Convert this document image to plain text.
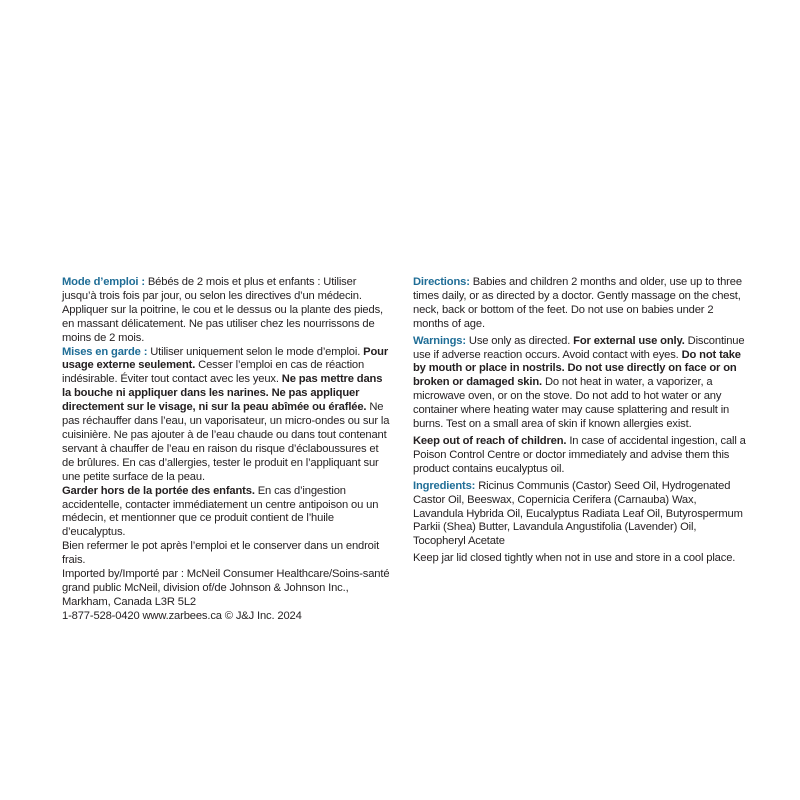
Mode d’emploi : Bébés de 2 mois et plus et enfants : Utiliser jusqu’à trois fois par jour, ou selon les directives d’un médecin. Appliquer sur la poitrine, le cou et le dessus ou la plante des pieds, en massant délicatement. Ne pas utiliser chez les nourrissons de moins de 2 mois.

Mises en garde : Utiliser uniquement selon le mode d’emploi. Pour usage externe seulement. Cesser l’emploi en cas de réaction indésirable. Éviter tout contact avec les yeux. Ne pas mettre dans la bouche ni appliquer dans les narines. Ne pas appliquer directement sur le visage, ni sur la peau abîmée ou éraflée. Ne pas réchauffer dans l’eau, un vaporisateur, un micro-ondes ou sur la cuisinière. Ne pas ajouter à de l’eau chaude ou dans tout contenant servant à chauffer de l’eau en raison du risque d’éclaboussures et de brûlures. En cas d’allergies, tester le produit en l’appliquant sur une petite surface de la peau.

Garder hors de la portée des enfants. En cas d’ingestion accidentelle, contacter immédiatement un centre antipoison ou un médecin, et mentionner que ce produit contient de l’huile d’eucalyptus.

Bien refermer le pot après l’emploi et le conserver dans un endroit frais.

Imported by/Importé par : McNeil Consumer Healthcare/Soins-santé grand public McNeil, division of/de Johnson & Johnson Inc., Markham, Canada L3R 5L2

1-877-528-0420 www.zarbees.ca © J&J Inc. 2024

Directions: Babies and children 2 months and older, use up to three times daily, or as directed by a doctor. Gently massage on the chest, neck, back or bottom of the feet. Do not use on babies under 2 months of age.

Warnings: Use only as directed. For external use only. Discontinue use if adverse reaction occurs. Avoid contact with eyes. Do not take by mouth or place in nostrils. Do not use directly on face or on broken or damaged skin. Do not heat in water, a vaporizer, a microwave oven, or on the stove. Do not add to hot water or any container where heating water may cause splattering and result in burns. Test on a small area of skin if known allergies exist.

Keep out of reach of children. In case of accidental ingestion, call a Poison Control Centre or doctor immediately and advise them this product contains eucalyptus oil.

Ingredients: Ricinus Communis (Castor) Seed Oil, Hydrogenated Castor Oil, Beeswax, Copernicia Cerifera (Carnauba) Wax, Lavandula Hybrida Oil, Eucalyptus Radiata Leaf Oil, Butyrospermum Parkii (Shea) Butter, Lavandula Angustifolia (Lavender) Oil, Tocopheryl Acetate

Keep jar lid closed tightly when not in use and store in a cool place.
